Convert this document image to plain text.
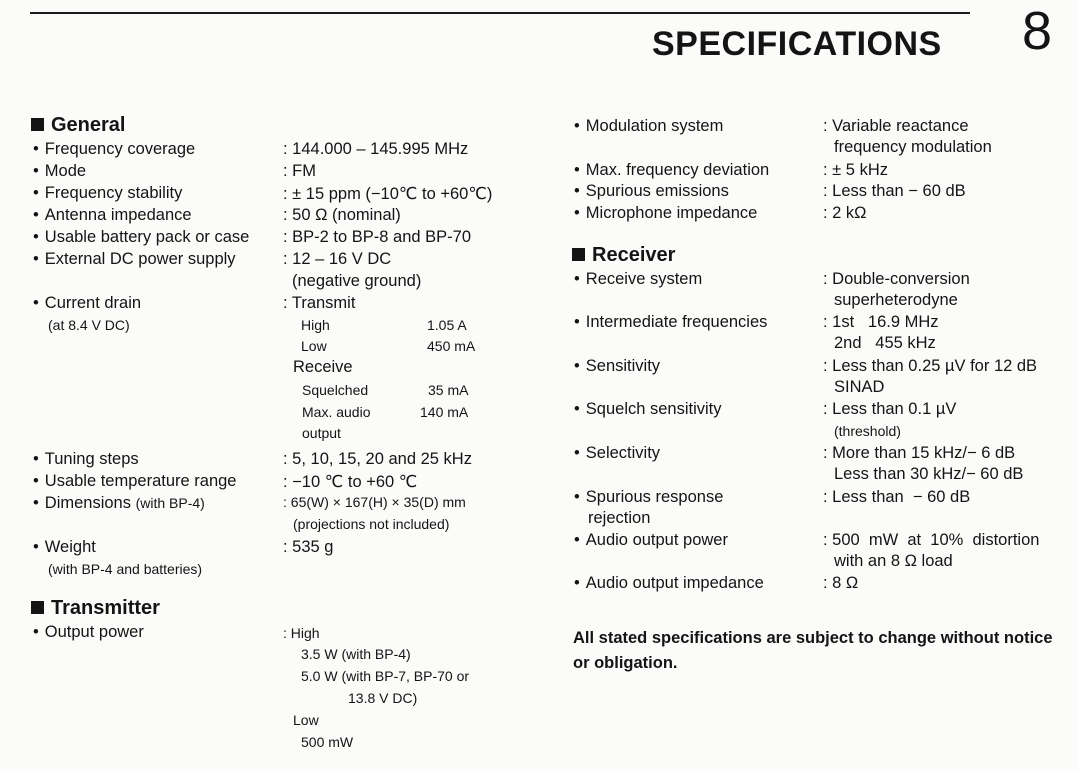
SPECIFICATIONS 8
General
• Frequency coverage	: 144.000 – 145.995 MHz
• Mode	: FM
• Frequency stability	: ± 15 ppm (−10℃ to +60℃)
• Antenna impedance	: 50 Ω (nominal)
• Usable battery pack or case : BP-2 to BP-8 and BP-70
• External DC power supply	: 12 – 16 V DC
(negative ground)
• Current drain
(at 8.4 V DC)
: Transmit
High	1.05 A
Low	450 mA
Receive
Squelched	35 mA
Max. audio	140 mA
output
• Tuning steps	: 5, 10, 15, 20 and 25 kHz
• Usable temperature range	: −10 ℃ to +60 ℃
• Dimensions (with BP-4)	: 65(W) × 167(H) × 35(D) mm
(projections not included)
• Weight
(with BP-4 and batteries)
: 535 g
Transmitter
• Output power	: High
3.5 W (with BP-4)
5.0 W (with BP-7, BP-70 or
13.8 V DC)
Low
500 mW
• Modulation system	: Variable reactance
frequency modulation
• Max. frequency deviation	: ± 5 kHz
• Spurious emissions	: Less than − 60 dB
• Microphone impedance	: 2 kΩ
Receiver
• Receive system	: Double-conversion
superheterodyne
• Intermediate frequencies	: 1st   16.9 MHz
2nd   455 kHz
• Sensitivity	: Less than 0.25 µV for 12 dB
SINAD
• Squelch sensitivity	: Less than 0.1 µV
(threshold)
• Selectivity	: More than 15 kHz/− 6 dB
Less than 30 kHz/− 60 dB
• Spurious response
rejection
: Less than  − 60 dB
• Audio output power	: 500  mW  at  10%  distortion
with an 8 Ω load
• Audio output impedance	: 8 Ω
All stated specifications are subject to change without notice or obligation.
